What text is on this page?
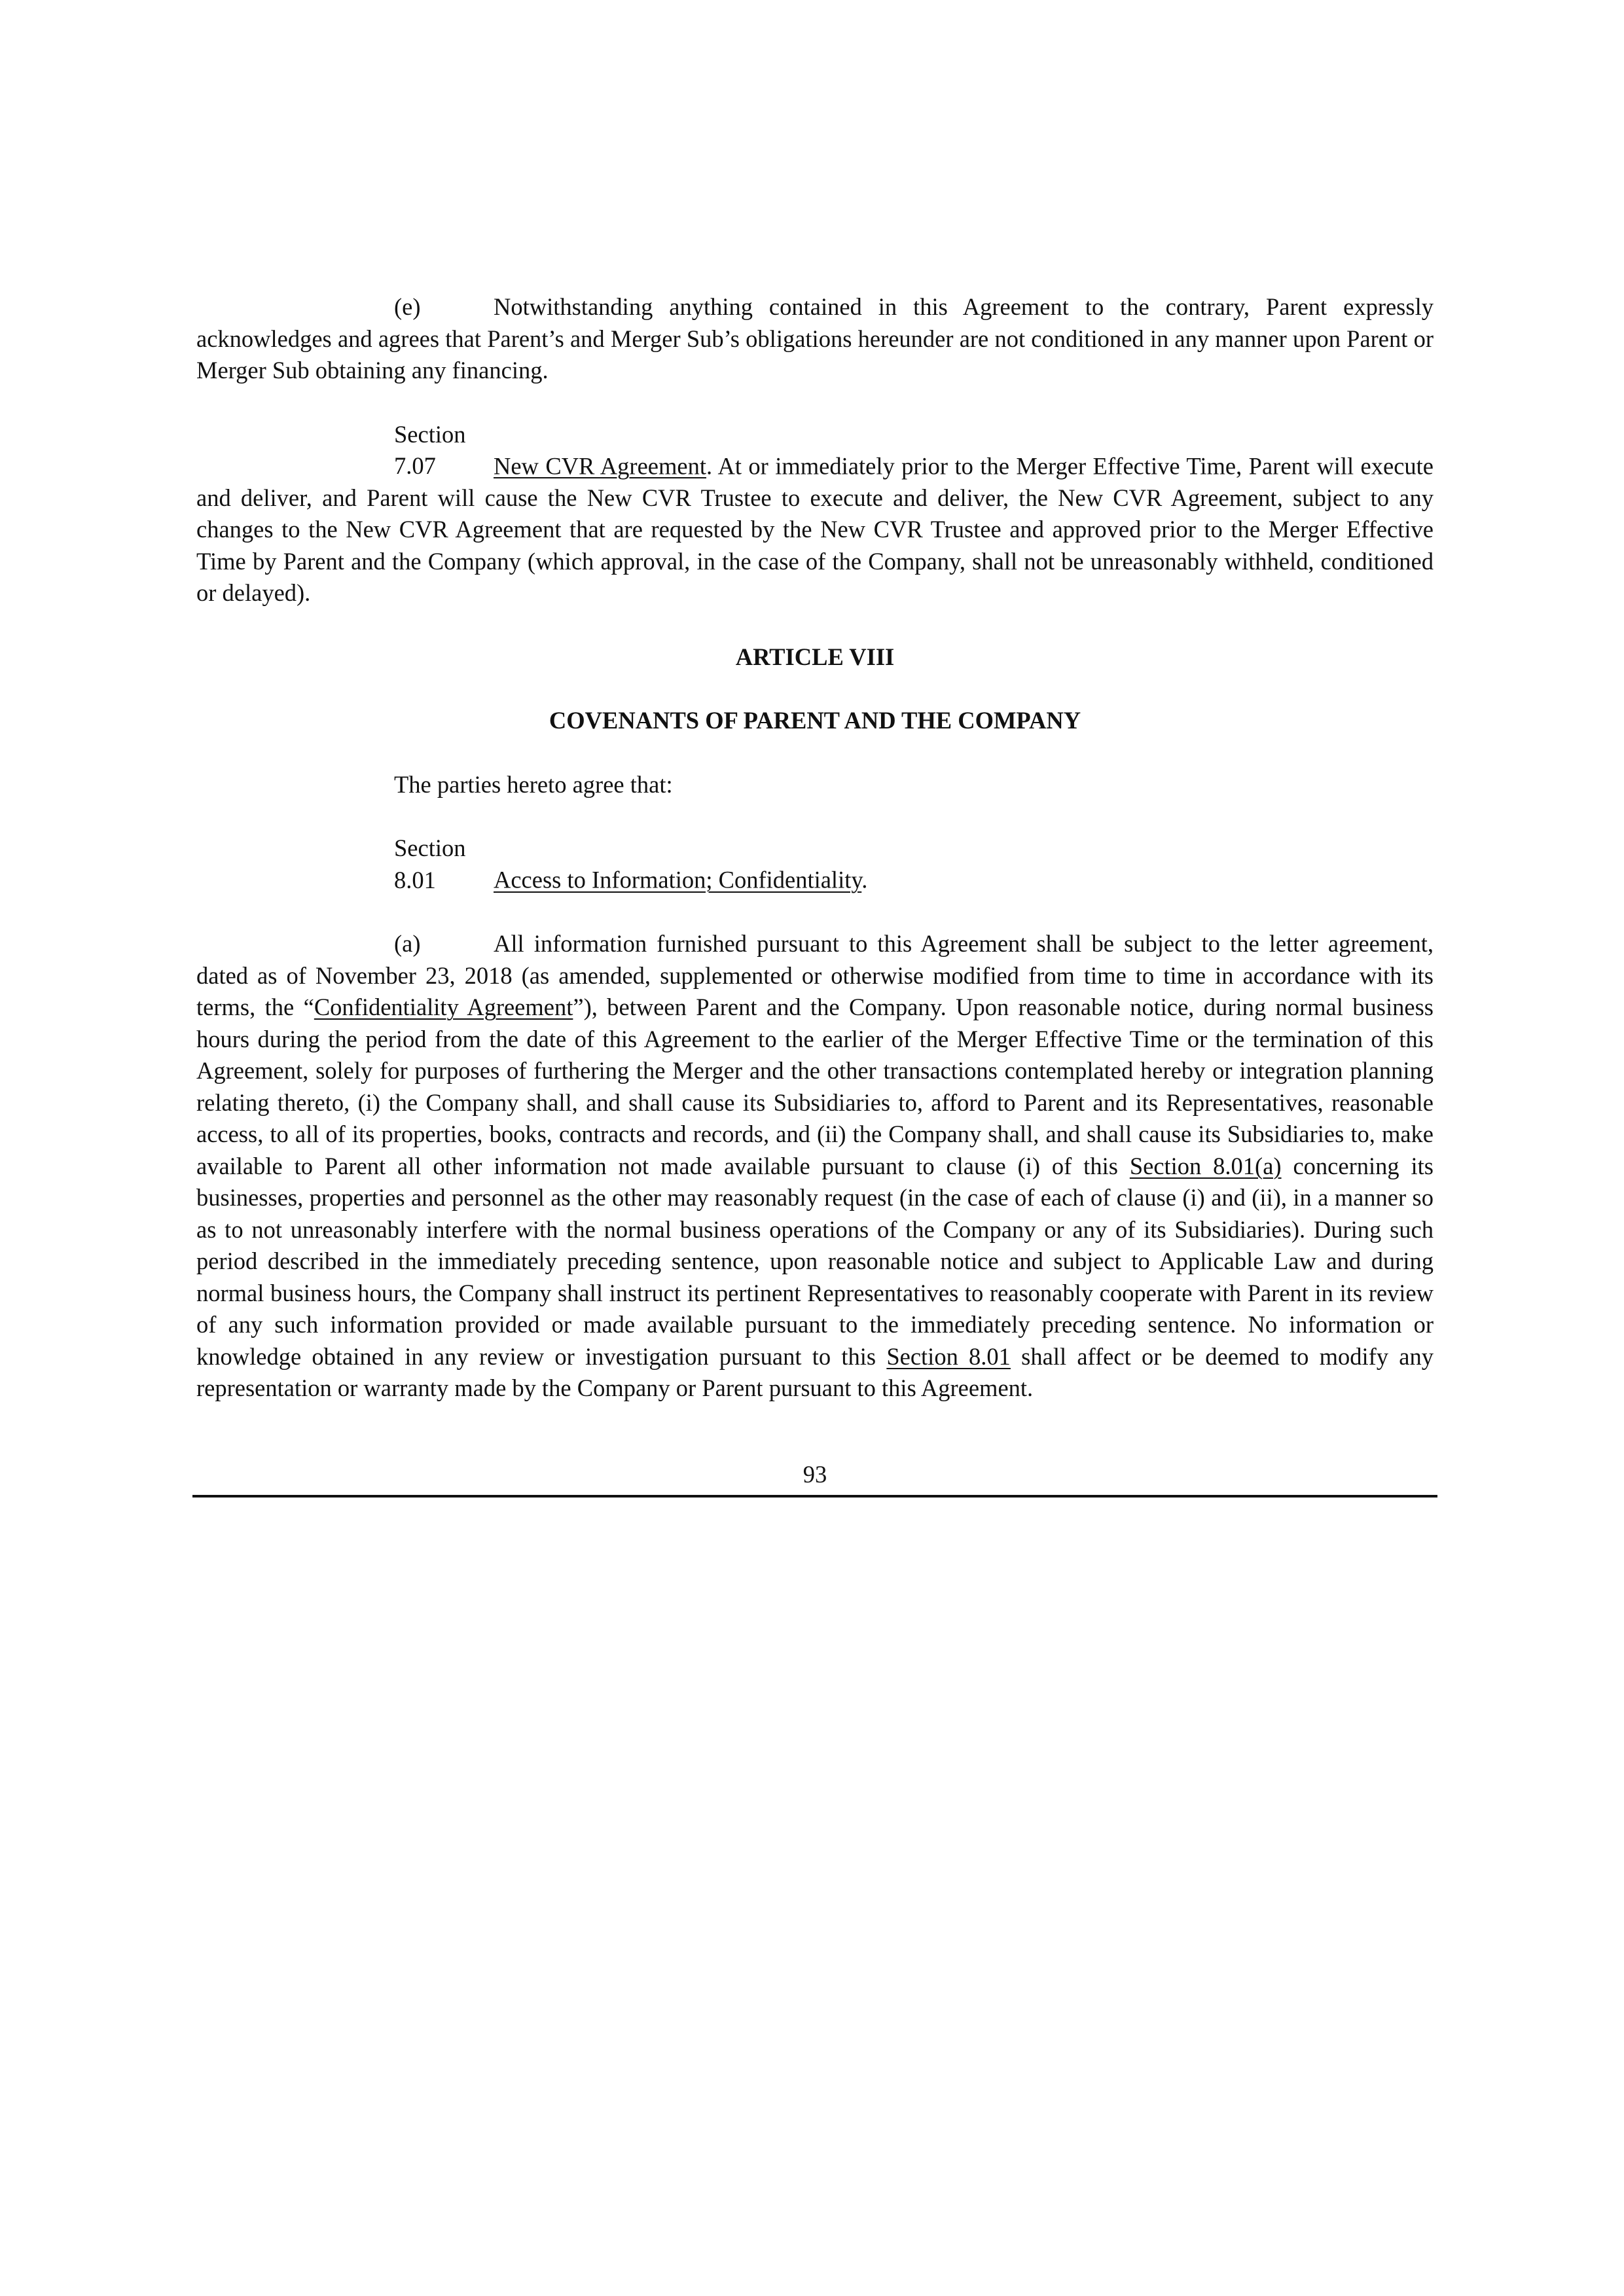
(e)	Notwithstanding anything contained in this Agreement to the contrary, Parent expressly acknowledges and agrees that Parent’s and Merger Sub’s obligations hereunder are not conditioned in any manner upon Parent or Merger Sub obtaining any financing.

Section 7.07 New CVR Agreement. At or immediately prior to the Merger Effective Time, Parent will execute and deliver, and Parent will cause the New CVR Trustee to execute and deliver, the New CVR Agreement, subject to any changes to the New CVR Agreement that are requested by the New CVR Trustee and approved prior to the Merger Effective Time by Parent and the Company (which approval, in the case of the Company, shall not be unreasonably withheld, conditioned or delayed).

ARTICLE VIII

COVENANTS OF PARENT AND THE COMPANY

The parties hereto agree that:

Section 8.01 Access to Information; Confidentiality.

(a)	All information furnished pursuant to this Agreement shall be subject to the letter agreement, dated as of November 23, 2018 (as amended, supplemented or otherwise modified from time to time in accordance with its terms, the “Confidentiality Agreement”), between Parent and the Company. Upon reasonable notice, during normal business hours during the period from the date of this Agreement to the earlier of the Merger Effective Time or the termination of this Agreement, solely for purposes of furthering the Merger and the other transactions contemplated hereby or integration planning relating thereto, (i) the Company shall, and shall cause its Subsidiaries to, afford to Parent and its Representatives, reasonable access, to all of its properties, books, contracts and records, and (ii) the Company shall, and shall cause its Subsidiaries to, make available to Parent all other information not made available pursuant to clause (i) of this Section 8.01(a) concerning its businesses, properties and personnel as the other may reasonably request (in the case of each of clause (i) and (ii), in a manner so as to not unreasonably interfere with the normal business operations of the Company or any of its Subsidiaries). During such period described in the immediately preceding sentence, upon reasonable notice and subject to Applicable Law and during normal business hours, the Company shall instruct its pertinent Representatives to reasonably cooperate with Parent in its review of any such information provided or made available pursuant to the immediately preceding sentence. No information or knowledge obtained in any review or investigation pursuant to this Section 8.01 shall affect or be deemed to modify any representation or warranty made by the Company or Parent pursuant to this Agreement.

93
